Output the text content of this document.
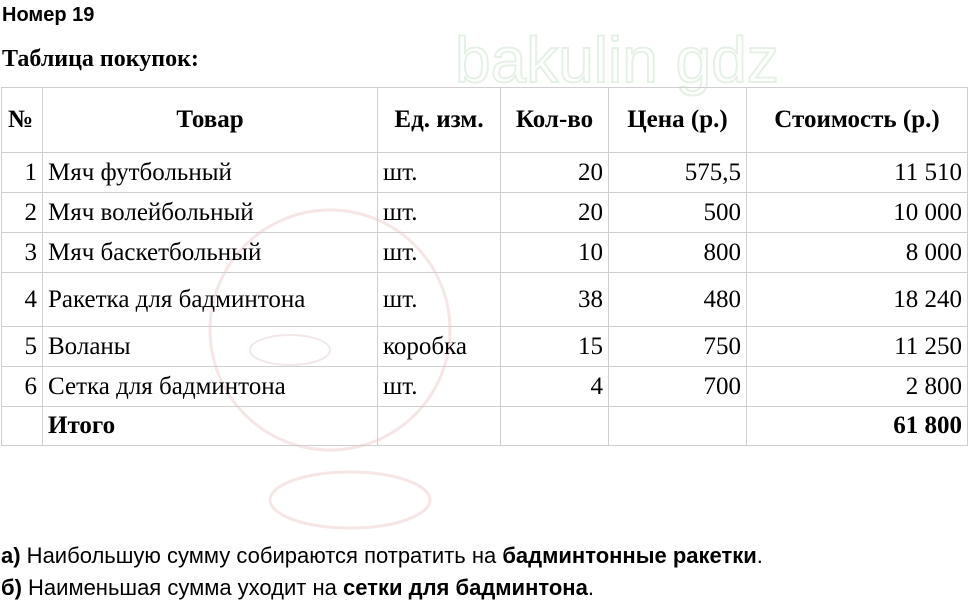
bakulin gdz
Номер 19
Таблица покупок:
№	Товар	Ед. изм.	Кол-во	Цена (р.)	Стоимость (р.)
1	Мяч футбольный	шт.	20	575,5	11 510
2	Мяч волейбольный	шт.	20	500	10 000
3	Мяч баскетбольный	шт.	10	800	8 000
4	Ракетка для бадминтона	шт.	38	480	18 240
5	Воланы	коробка	15	750	11 250
6	Сетка для бадминтона	шт.	4	700	2 800
	Итого				61 800

а) Наибольшую сумму собираются потратить на бадминтонные ракетки.

б) Наименьшая сумма уходит на сетки для бадминтона.
